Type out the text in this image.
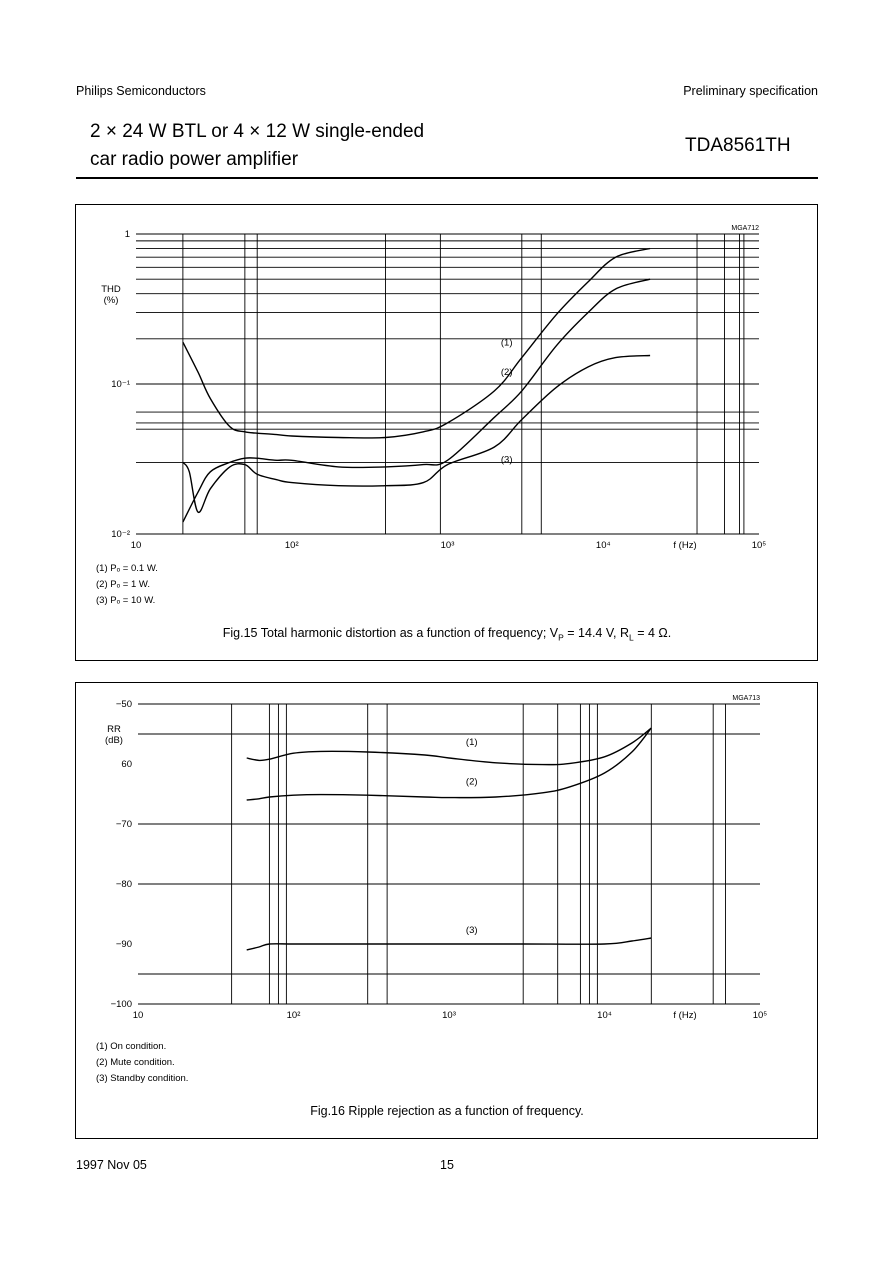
Philips Semiconductors	Preliminary specification
2 × 24 W BTL or 4 × 12 W single-ended
car radio power amplifier
TDA8561TH
10⁻²
10⁻¹
1
10	10²	10³	10⁴	10⁵
f (Hz)
THD
(%)
(1)
(2)
(3)
MGA712
(1) Pₒ = 0.1 W.
(2) Pₒ = 1 W.
(3) Pₒ = 10 W.
Fig.15 Total harmonic distortion as a function of frequency; $V_P = 14.4$ V, $R_L = 4$ Ω.
−100
−90
−80
−70
60
−50
10	10²	10³	10⁴	10⁵
f (Hz)
RR
(dB)	(1)
(2)
(3)
MGA713
(1) On condition.
(2) Mute condition.
(3) Standby condition.
Fig.16 Ripple rejection as a function of frequency.
1997 Nov 05	15
